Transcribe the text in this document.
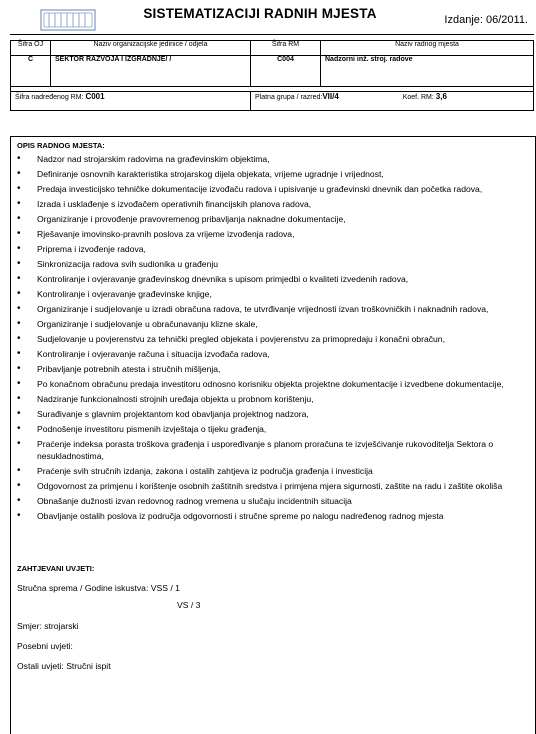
SISTEMATIZACIJI RADNIH MJESTA	Izdanje: 06/2011.
Šifra OJ	Naziv organizacijske jedinice / odjela	Šifra RM	Naziv radnog mjesta
C	SEKTOR RAZVOJA I IZGRADNJE/ /	C004	Nadzorni inž. stroj. radove

Šifra nadređenog RM: C001		Platna grupa / razred:VII/4 Koef. RM: 3,6	
OPIS RADNOG MJESTA:
• Nadzor nad strojarskim radovima na građevinskim objektima,
• Definiranje osnovnih karakteristika strojarskog dijela objekata, vrijeme ugradnje i vrijednost,
• Predaja investicijsko tehničke dokumentacije izvođaču radova i upisivanje u građevinski dnevnik dan početka radova,
• Izrada i usklađenje s izvođačem operativnih financijskih planova radova,
• Organiziranje i provođenje pravovremenog pribavljanja naknadne dokumentacije,
• Rješavanje imovinsko-pravnih poslova za vrijeme izvođenja radova,
• Priprema i izvođenje radova,
• Sinkronizacija radova svih sudionika u građenju
• Kontroliranje i ovjeravanje građevinskog dnevnika s upisom primjedbi o kvaliteti izvedenih radova,
• Kontroliranje i ovjeravanje građevinske knjige,
• Organiziranje i sudjelovanje u izradi obračuna radova, te utvrđivanje vrijednosti izvan troškovničkih i naknadnih radova,
• Organiziranje i sudjelovanje u obračunavanju klizne skale,
• Sudjelovanje u povjerenstvu za tehnički pregled objekata i povjerenstvu za primopredaju i konačni obračun,
• Kontroliranje i ovjeravanje računa i situacija izvođača radova,
• Pribavljanje potrebnih atesta i stručnih mišljenja,
• Po konačnom obračunu predaja investitoru odnosno korisniku objekta projektne dokumentacije i izvedbene dokumentacije,
• Nadziranje funkcionalnosti strojnih uređaja objekta u probnom korištenju,
• Surađivanje s glavnim projektantom kod obavljanja projektnog nadzora,
• Podnošenje investitoru pismenih izvještaja o tijeku građenja,
• Praćenje indeksa porasta troškova građenja i uspoređivanje s planom proračuna te izvješćivanje rukovoditelja Sektora o nesukladnostima,
• Praćenje svih stručnih izdanja, zakona i ostalih zahtjeva iz područja građenja i investicija
• Odgovornost za primjenu i korištenje osobnih zaštitnih sredstva i primjena mjera sigurnosti, zaštite na radu i zaštite okoliša
• Obnašanje dužnosti izvan redovnog radnog vremena u slučaju incidentnih situacija
• Obavljanje ostalih poslova iz područja odgovornosti i stručne spreme po nalogu nadređenog radnog mjesta
ZAHTJEVANI UVJETI:
Stručna sprema / Godine iskustva: VSS / 1
VS / 3
Smjer: strojarski
Posebni uvjeti:
Ostali uvjeti: Stručni ispit
